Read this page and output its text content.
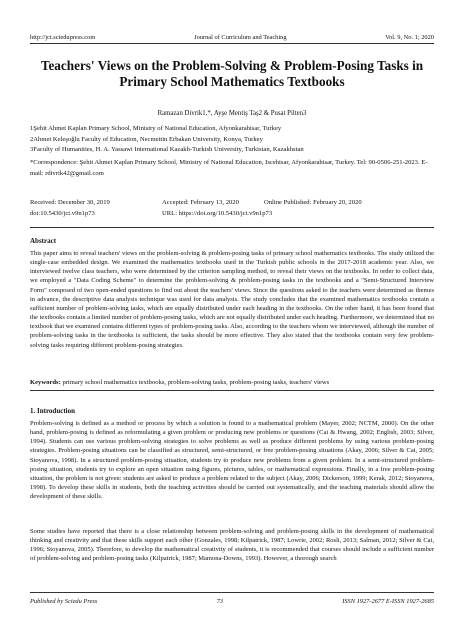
http://jct.sciedupress.com	Journal of Curriculum and Teaching	Vol. 9, No. 1; 2020
Teachers' Views on the Problem-Solving & Problem-Posing Tasks in Primary School Mathematics Textbooks
Ramazan Divrik1,*, Ayşe Mentiş Taş2 & Pusat Pilten3
1Şehit Ahmet Kaplan Primary School, Ministry of National Education, Afyonkarahisar, Turkey
2Ahmet Keleşoğlu Faculty of Education, Necmettin Erbakan University, Konya, Turkey
3Faculty of Humanities, H. A. Yassawi International Kazakh-Turkish University, Turkistan, Kazakhstan
*Correspondence: Şehit Ahmet Kaplan Primary School, Ministry of National Education, Iscehisar, Afyonkarahisar, Turkey. Tel: 90-0506-251-2023. E-mail: rdivrik42@gmail.com
Received: December 30, 2019	Accepted: February 13, 2020	Online Published: February 20, 2020
doi:10.5430/jct.v9n1p73	URL: https://doi.org/10.5430/jct.v9n1p73
Abstract

This paper aims to reveal teachers' views on the problem-solving & problem-posing tasks of primary school mathematics textbooks. The study utilized the single-case embedded design. We examined the mathematics textbooks used in the Turkish public schools in the 2017-2018 academic year. Also, we interviewed twelve class teachers, who were determined by the criterion sampling method, to reveal their views on the textbooks. In order to collect data, we employed a "Data Coding Scheme" to determine the problem-solving & problem-posing tasks in the textbooks and a "Semi-Structured Interview Form" composed of two open-ended questions to find out about the teachers' views. Since the questions asked to the teachers were determined as themes in advance, the descriptive data analysis technique was used for data analysis. The study concludes that the examined mathematics textbooks contain a sufficient number of problem-solving tasks, which are equally distributed under each heading in the textbooks. On the other hand, it has been found that the textbooks contain a limited number of problem-posing tasks, which are not equally distributed under each heading. Furthermore, we determined that no textbook that we examined contains different types of problem-posing tasks. Also, according to the teachers whom we interviewed, although the number of problem-solving tasks in the textbooks is sufficient, the tasks should be more effective. They also stated that the textbooks contain very few problem-solving tasks requiring different problem-posing strategies.

Keywords: primary school mathematics textbooks, problem-solving tasks, problem-posing tasks, teachers' views
1. Introduction

Problem-solving is defined as a method or process by which a solution is found to a mathematical problem (Mayer, 2002; NCTM, 2000). On the other hand, problem-posing is defined as reformulating a given problem or producing new problems or questions (Cai & Hwang, 2002; English, 2003; Silver, 1994). Students can use various problem-solving strategies to solve problems as well as produce different problems by using various problem-posing strategies. Problem-posing situations can be classified as structured, semi-structured, or free problem-posing situations (Akay, 2006; Silver & Cai, 2005; Stoyanova, 1998). In a structured problem-posing situation, students try to produce new problems from a given problem. In a semi-structured problem-posing situation, students try to explore an open situation using figures, pictures, tables, or mathematical expressions. Finally, in a free problem-posing situation, the problem is not given: students are asked to produce a problem related to the subject (Akay, 2006; Dickerson, 1999; Kerak, 2012; Stoyanova, 1998). To develop these skills in students, both the teaching activities should be carried out systematically, and the teaching materials should allow the development of these skills.

Some studies have reported that there is a close relationship between problem-solving and problem-posing skills in the development of mathematical thinking and creativity and that these skills support each other (Gonzales, 1998; Kilpatrick, 1987; Lowrie, 2002; Rosli, 2013; Salman, 2012; Silver & Cai, 1996; Stoyanova, 2005). Therefore, to develop the mathematical creativity of students, it is recommended that courses should include a sufficient number of problem-solving and problem-posing tasks (Kilpatrick, 1987; Mamona-Downs, 1993). However, a thorough search

Published by Sciedu Press	73	ISSN 1927-2677 E-ISSN 1927-2685
